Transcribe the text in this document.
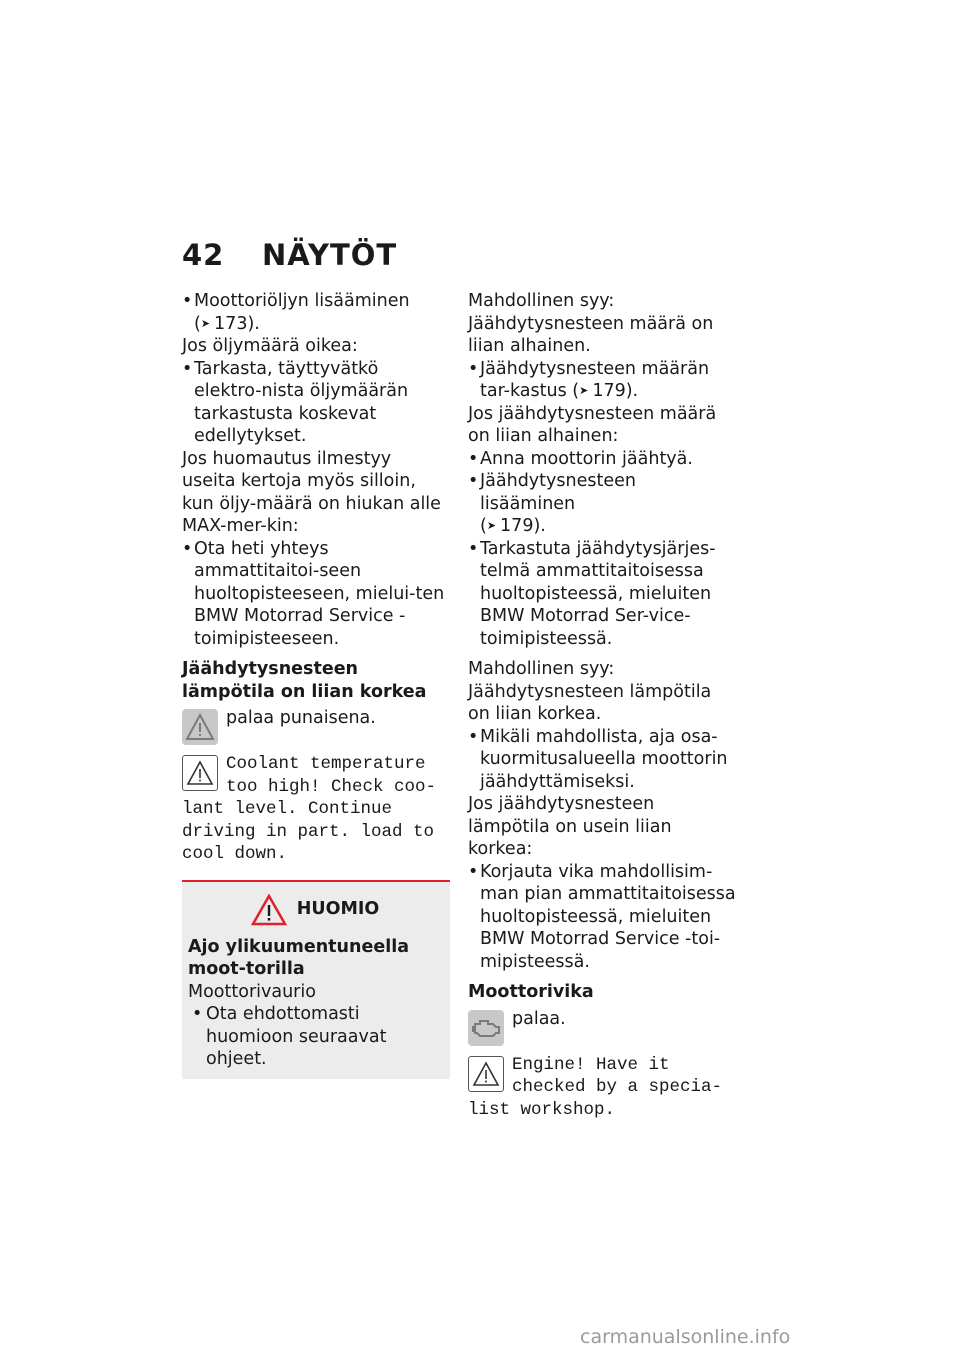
42 NÄYTÖT
• Moottoriöljyn lisääminen
(➤ 173).

Jos öljymäärä oikea:

• Tarkasta, täyttyvätkö elektro-nista öljymäärän tarkastusta koskevat edellytykset.

Jos huomautus ilmestyy useita kertoja myös silloin, kun öljy-määrä on hiukan alle MAX-mer-kin:

• Ota heti yhteys ammattitaitoi-seen huoltopisteeseen, mielui-ten BMW Motorrad Service -toimipisteeseen.

Jäähdytysnesteen lämpötila on liian korkea

palaa punaisena.
Coolant temperature
too high! Check coo-
lant level. Continue driving in part. load to cool down.
HUOMIO

Ajo ylikuumentuneella moot-torilla

Moottorivaurio

• Ota ehdottomasti huomioon seuraavat ohjeet.

Mahdollinen syy:

Jäähdytysnesteen määrä on liian alhainen.

• Jäähdytysnesteen määrän tar-kastus (➤ 179).

Jos jäähdytysnesteen määrä on liian alhainen:

• Anna moottorin jäähtyä.
• Jäähdytysnesteen lisääminen
(➤ 179).
• Tarkastuta jäähdytysjärjes-telmä ammattitaitoisessa huoltopisteessä, mieluiten BMW Motorrad Ser-vice-toimipisteessä.

Mahdollinen syy:

Jäähdytysnesteen lämpötila on liian korkea.

• Mikäli mahdollista, aja osa-kuormitusalueella moottorin jäähdyttämiseksi.

Jos jäähdytysnesteen lämpötila on usein liian korkea:

• Korjauta vika mahdollisim-man pian ammattitaitoisessa huoltopisteessä, mieluiten BMW Motorrad Service -toi-mipisteessä.

Moottorivika

palaa.
Engine! Have it
checked by a specia-
list workshop.
carmanualsonline.info
